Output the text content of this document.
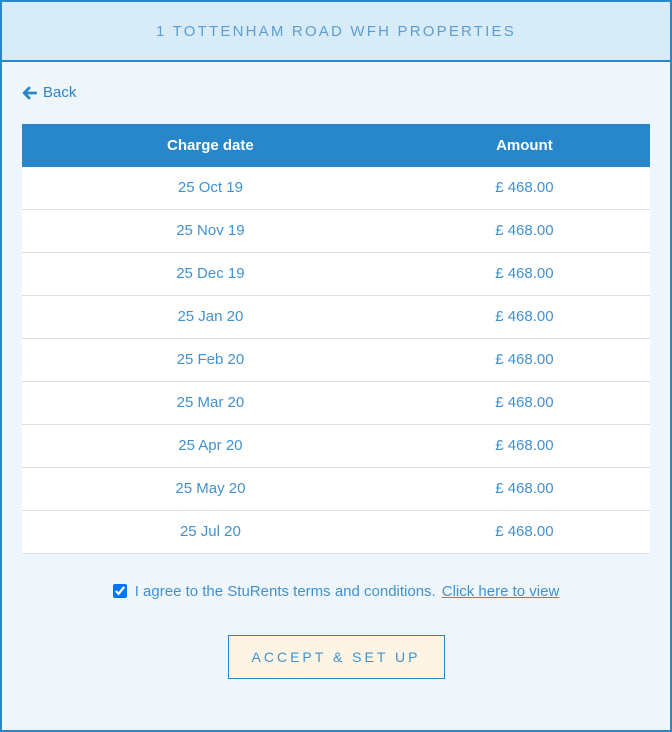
1 TOTTENHAM ROAD WFH PROPERTIES
Back
Charge date	Amount
25 Oct 19	£ 468.00
25 Nov 19	£ 468.00
25 Dec 19	£ 468.00
25 Jan 20	£ 468.00
25 Feb 20	£ 468.00
25 Mar 20	£ 468.00
25 Apr 20	£ 468.00
25 May 20	£ 468.00
25 Jul 20	£ 468.00
I agree to the StuRents terms and conditions. Click here to view
ACCEPT & SET UP
